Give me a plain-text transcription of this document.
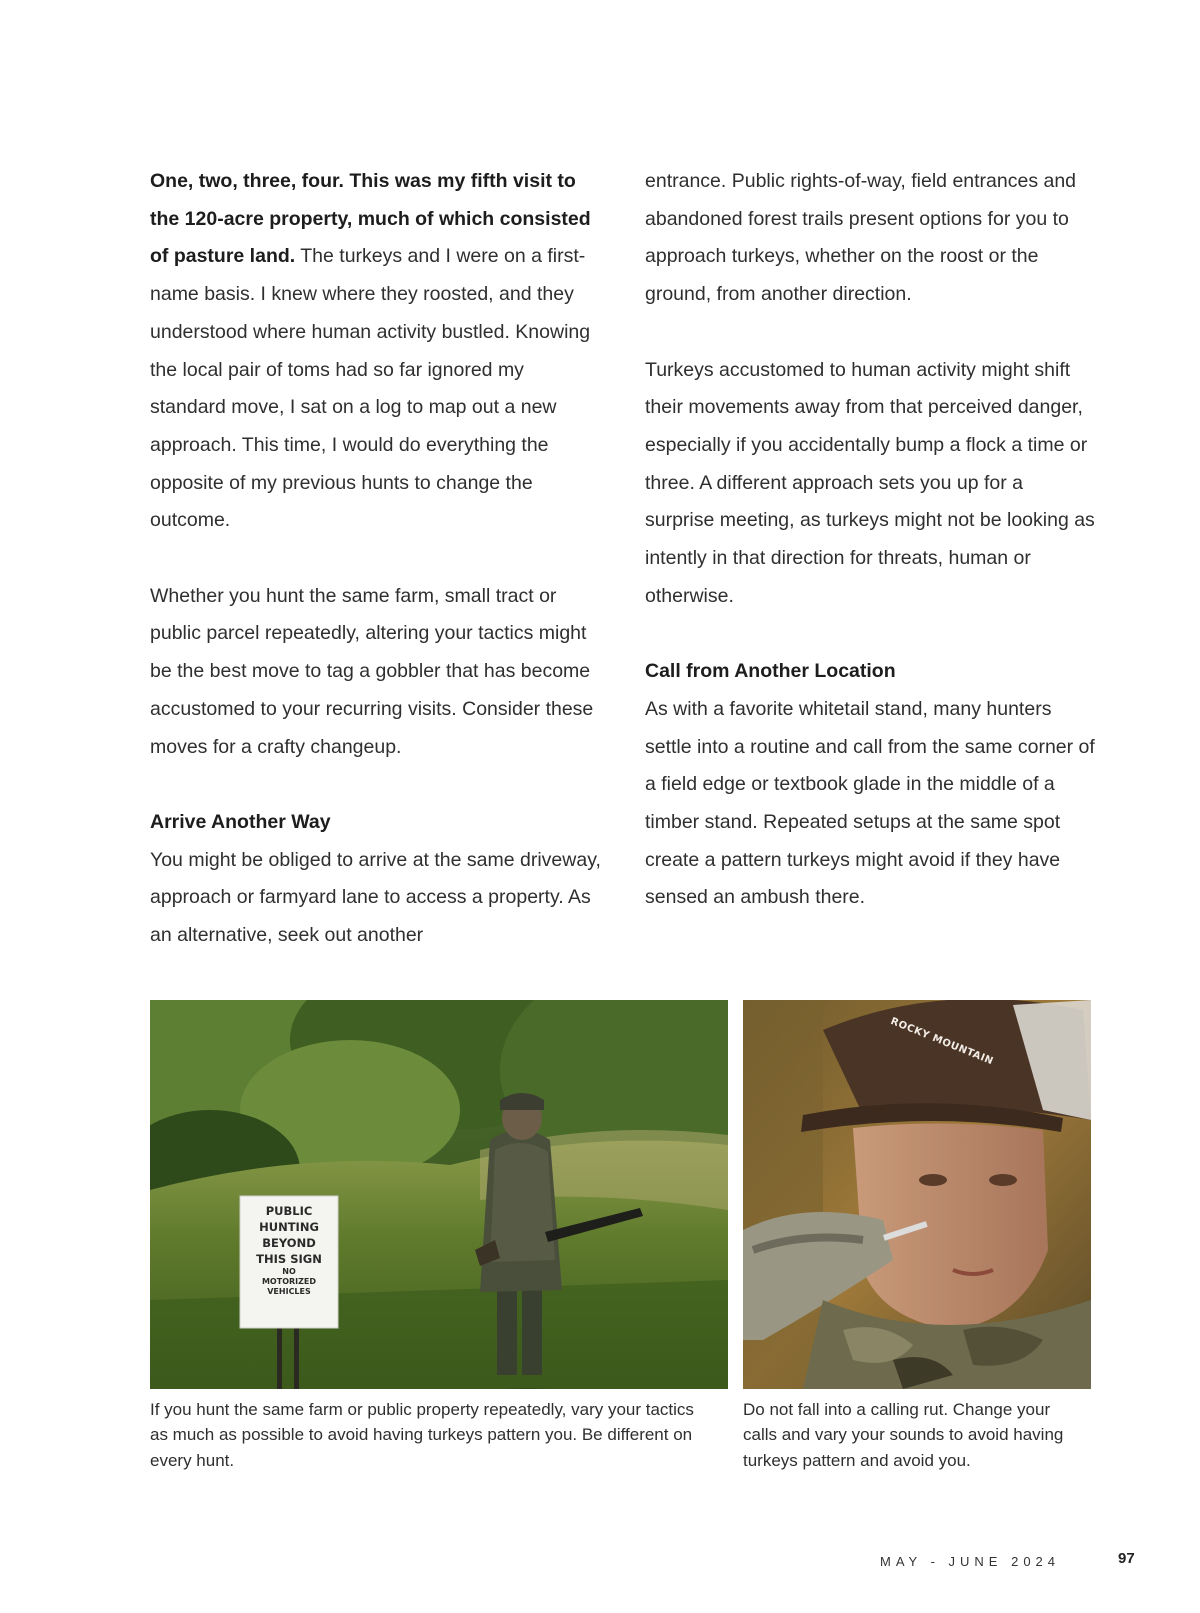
One, two, three, four. This was my fifth visit to the 120-acre property, much of which consisted of pasture land. The turkeys and I were on a first-name basis. I knew where they roosted, and they understood where human activity bustled. Knowing the local pair of toms had so far ignored my standard move, I sat on a log to map out a new approach. This time, I would do everything the opposite of my previous hunts to change the outcome.

Whether you hunt the same farm, small tract or public parcel repeatedly, altering your tactics might be the best move to tag a gobbler that has become accustomed to your recurring visits. Consider these moves for a crafty changeup.

Arrive Another Way

You might be obliged to arrive at the same driveway, approach or farmyard lane to access a property. As an alternative, seek out another

entrance. Public rights-of-way, field entrances and abandoned forest trails present options for you to approach turkeys, whether on the roost or the ground, from another direction.

Turkeys accustomed to human activity might shift their movements away from that perceived danger, especially if you accidentally bump a flock a time or three. A different approach sets you up for a surprise meeting, as turkeys might not be looking as intently in that direction for threats, human or otherwise.

Call from Another Location

As with a favorite whitetail stand, many hunters settle into a routine and call from the same corner of a field edge or textbook glade in the middle of a timber stand. Repeated setups at the same spot create a pattern turkeys might avoid if they have sensed an ambush there.

PUBLIC
HUNTING
BEYOND
THIS SIGN
NO
MOTORIZED
VEHICLES
ROCKY MOUNTAIN
If you hunt the same farm or public property repeatedly, vary your tactics as much as possible to avoid having turkeys pattern you. Be different on every hunt.
Do not fall into a calling rut. Change your calls and vary your sounds to avoid having turkeys pattern and avoid you.
MAY - JUNE 2024	97
